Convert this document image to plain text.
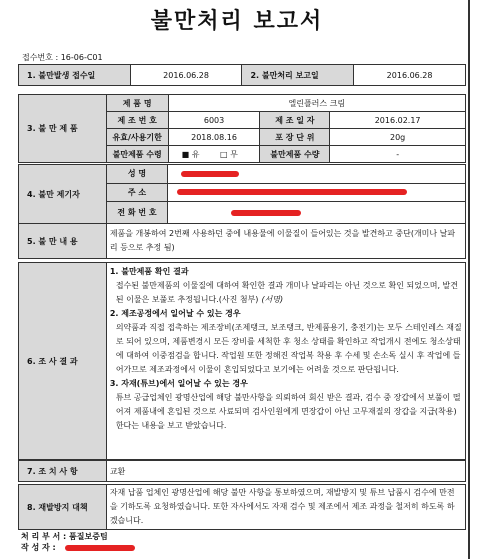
불만처리 보고서
접수번호 : 16-06-C01
1. 불만발생 접수일	2016.06.28	2. 불만처리 보고일	2016.06.28
3. 불 만 제 품	제 품 명	엘린플러스 크림		
	제 조 번 호	6003	제 조 일 자	2016.02.17
	유효/사용기한	2018.08.16	포 장 단 위	20g
	불만제품 수령	■ 유 □ 무	불만제품 수량	-
4. 불만 제기자	성 명	
	주 소	
	전 화 번 호	
5. 불 만 내 용	제품을 개봉하여 2번째 사용하던 중에 내용물에 이물질이 들어있는 것을 발견하고 중단(개미나 날파리 등으로 추정 됨)
6. 조 사 결 과	
1. 불만제품 확인 결과
접수된 불만제품의 이물질에 대하여 확인한 결과 개미나 날파리는 아닌 것으로 확인 되었으며, 발견된 이물은 보풀로 추정됩니다.(사진 첨부) (서명)
2. 제조공정에서 일어날 수 있는 경우
의약품과 직접 접촉하는 제조장비(조제탱크, 보조탱크, 반제품용기, 충전기)는 모두 스테인레스 재질로 되어 있으며, 제품변경시 모든 장비를 세척한 후 청소 상태를 확인하고 작업개시 전에도 청소상태에 대하여 이중점검을 합니다. 작업원 또한 정해진 작업복 착용 후 수세 및 손소독 실시 후 작업에 들어가므로 제조과정에서 이물이 혼입되었다고 보기에는 어려울 것으로 판단됩니다.
3. 자재(튜브)에서 일어날 수 있는 경우
튜브 공급업체인 광명산업에 해당 불만사항을 의뢰하여 회신 받은 결과, 검수 중 장갑에서 보풀이 떨어져 제품내에 혼입된 것으로 사료되며 검사인원에게 면장갑이 아닌 고무재질의 장갑을 지급(착용)한다는 내용을 보고 받았습니다.
7. 조 치 사 항	교환
8. 재발방지 대책	자재 납품 업체인 광명산업에 해당 불만 사항을 통보하였으며, 재발방지 및 튜브 납품시 검수에 만전을 기하도록 요청하였습니다. 또한 자사에서도 자재 검수 및 제조에서 제조 과정을 철저히 하도록 하겠습니다.
처 리 부 서 : 품질보증팀
작 성 자 :
